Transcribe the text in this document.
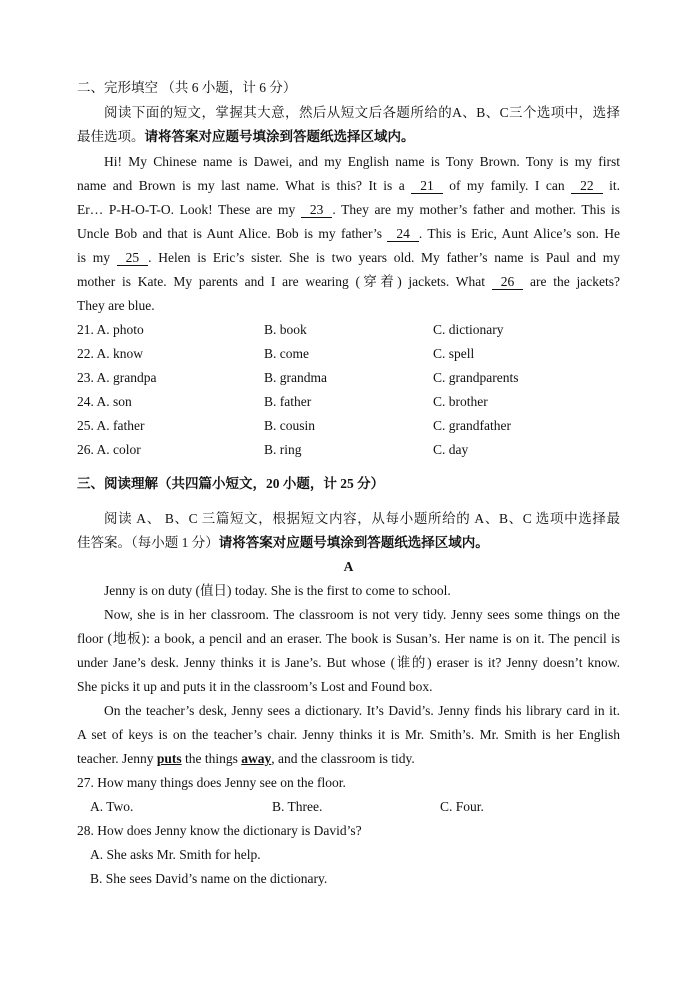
二、完形填空 （共 6 小题，计 6 分）
阅读下面的短文，掌握其大意，然后从短文后各题所给的A、B、C三个选项中，选择
最佳选项。请将答案对应题号填涂到答题纸选择区域内。
Hi! My Chinese name is Dawei, and my English name is Tony Brown. Tony is my first
name and Brown is my last name. What is this? It is a 21 of my family. I can 22 it.
Er… P-H-O-T-O. Look! These are my 23 . They are my mother’s father and mother. This is
Uncle Bob and that is Aunt Alice. Bob is my father’s 24 . This is Eric, Aunt Alice’s son. He
is my 25 . Helen is Eric’s sister. She is two years old. My father’s name is Paul and my
mother is Kate. My parents and I are wearing (穿着) jackets. What 26 are the jackets?
They are blue.
21. A. photo	B. book	C. dictionary
22. A. know	B. come	C. spell
23. A. grandpa	B. grandma	C. grandparents
24. A. son	B. father	C. brother
25. A. father	B. cousin	C. grandfather
26. A. color	B. ring	C. day
三、阅读理解（共四篇小短文，20 小题，计 25 分）
阅读 A、 B、C 三篇短文，根据短文内容，从每小题所给的 A、B、C 选项中选择最
佳答案。（每小题 1 分）请将答案对应题号填涂到答题纸选择区域内。
A
Jenny is on duty (值日) today. She is the first to come to school.
Now, she is in her classroom. The classroom is not very tidy. Jenny sees some things on the
floor (地板): a book, a pencil and an eraser. The book is Susan’s. Her name is on it. The pencil is
under Jane’s desk. Jenny thinks it is Jane’s. But whose (谁的) eraser is it? Jenny doesn’t know.
She picks it up and puts it in the classroom’s Lost and Found box.
On the teacher’s desk, Jenny sees a dictionary. It’s David’s. Jenny finds his library card in it.
A set of keys is on the teacher’s chair. Jenny thinks it is Mr. Smith’s. Mr. Smith is her English
teacher. Jenny puts the things away, and the classroom is tidy.
27. How many things does Jenny see on the floor.
A. Two.	B. Three.	C. Four.
28. How does Jenny know the dictionary is David’s?
A. She asks Mr. Smith for help.
B. She sees David’s name on the dictionary.
